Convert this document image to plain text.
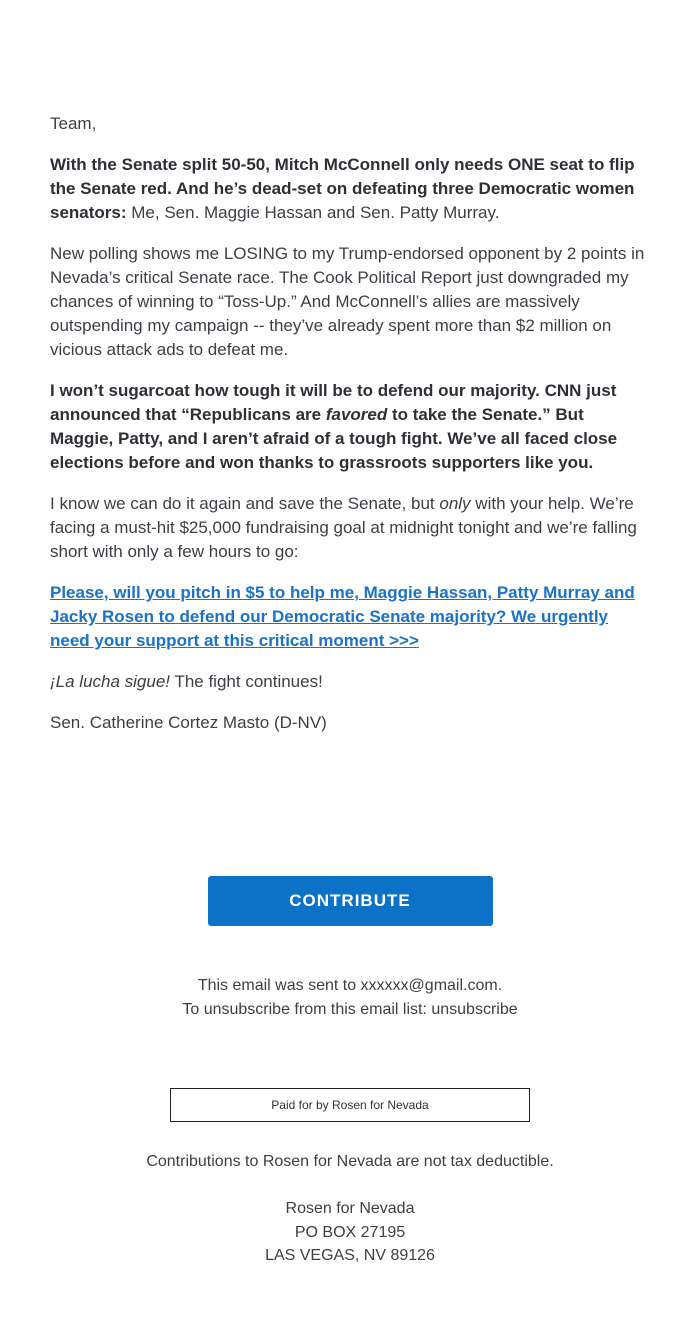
Team,

With the Senate split 50-50, Mitch McConnell only needs ONE seat to flip the Senate red. And he’s dead-set on defeating three Democratic women senators: Me, Sen. Maggie Hassan and Sen. Patty Murray.

New polling shows me LOSING to my Trump-endorsed opponent by 2 points in Nevada’s critical Senate race. The Cook Political Report just downgraded my chances of winning to “Toss-Up.” And McConnell’s allies are massively outspending my campaign -- they’ve already spent more than $2 million on vicious attack ads to defeat me.

I won’t sugarcoat how tough it will be to defend our majority. CNN just announced that “Republicans are favored to take the Senate.” But Maggie, Patty, and I aren’t afraid of a tough fight. We’ve all faced close elections before and won thanks to grassroots supporters like you.

I know we can do it again and save the Senate, but only with your help. We’re facing a must-hit $25,000 fundraising goal at midnight tonight and we’re falling short with only a few hours to go:

Please, will you pitch in $5 to help me, Maggie Hassan, Patty Murray and Jacky Rosen to defend our Democratic Senate majority? We urgently need your support at this critical moment >>>

¡La lucha sigue! The fight continues!

Sen. Catherine Cortez Masto (D-NV)

CONTRIBUTE
This email was sent to xxxxxx@gmail.com.
To unsubscribe from this email list: unsubscribe
Paid for by Rosen for Nevada
Contributions to Rosen for Nevada are not tax deductible.
Rosen for Nevada
PO BOX 27195
LAS VEGAS, NV 89126
